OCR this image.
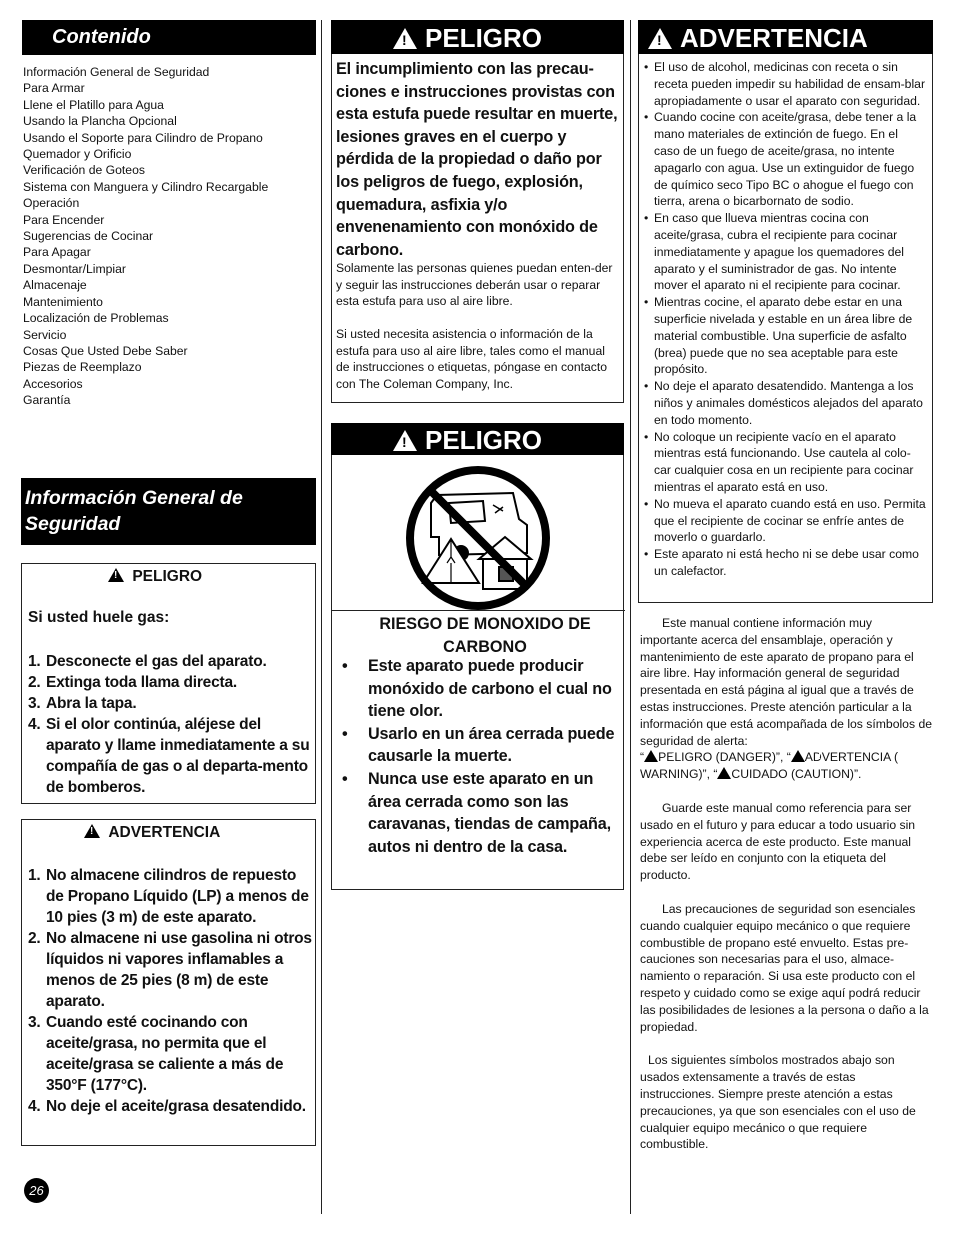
Contenido
Información General de Seguridad
Para Armar
Llene el Platillo para Agua
Usando la Plancha Opcional
Usando el Soporte para Cilindro de Propano
Quemador y Orificio
Verificación de Goteos
Sistema con Manguera y Cilindro Recargable
Operación
Para Encender
Sugerencias de Cocinar
Para Apagar
Desmontar/Limpiar
Almacenaje
Mantenimiento
Localización de Problemas
Servicio
Cosas Que Usted Debe Saber
Piezas de Reemplazo
Accesorios
Garantía
Información General de
Seguridad
! PELIGRO
Si usted huele gas:
1. Desconecte el gas del aparato.
2. Extinga toda llama directa.
3. Abra la tapa.
4. Si el olor continúa, aléjese del aparato y llame inmediatamente a su compañía de gas o al departa-mento de bomberos.
! ADVERTENCIA
1. No almacene cilindros de repuesto de Propano Líquido (LP) a menos de 10 pies (3 m) de este aparato.
2. No almacene ni use gasolina ni otros líquidos ni vapores inflamables a menos de 25 pies (8 m) de este aparato.
3. Cuando esté cocinando con aceite/grasa, no permita que el aceite/grasa se caliente a más de 350°F (177°C).
4. No deje el aceite/grasa desatendido.
26
!PELIGRO

El incumplimiento con las precau-ciones e instrucciones provistas con esta estufa puede resultar en muerte, lesiones graves en el cuerpo y pérdida de la propiedad o daño por los peligros de fuego, explosión, quemadura, asfixia y/o envenenamiento con monóxido de carbono.

Solamente las personas quienes puedan enten-der y seguir las instrucciones deberán usar o reparar esta estufa para uso al aire libre.

Si usted necesita asistencia o información de la estufa para uso al aire libre, tales como el manual de instrucciones o etiquetas, póngase en contacto con The Coleman Company, Inc.

!PELIGRO
RIESGO DE MONOXIDO DE
CARBONO
• Este aparato puede producir monóxido de carbono el cual no tiene olor.
• Usarlo en un área cerrada puede causarle la muerte.
• Nunca use este aparato en un área cerrada como son las caravanas, tiendas de campaña, autos ni dentro de la casa.
!ADVERTENCIA
• El uso de alcohol, medicinas con receta o sin receta pueden impedir su habilidad de ensam-blar apropiadamente o usar el aparato con seguridad.
• Cuando cocine con aceite/grasa, debe tener a la mano materiales de extinción de fuego. En el caso de un fuego de aceite/grasa, no intente apagarlo con agua. Use un extinguidor de fuego de químico seco Tipo BC o ahogue el fuego con tierra, arena o bicarbornato de sodio.
• En caso que llueva mientras cocina con aceite/grasa, cubra el recipiente para cocinar inmediatamente y apague los quemadores del aparato y el suministrador de gas. No intente mover el aparato ni el recipiente para cocinar.
• Mientras cocine, el aparato debe estar en una superficie nivelada y estable en un área libre de material combustible. Una superficie de asfalto (brea) puede que no sea aceptable para este propósito.
• No deje el aparato desatendido. Mantenga a los niños y animales domésticos alejados del aparato en todo momento.
• No coloque un recipiente vacío en el aparato mientras está funcionando. Use cautela al colo-car cualquier cosa en un recipiente para cocinar mientras el aparato está en uso.
• No mueva el aparato cuando está en uso. Permita que el recipiente de cocinar se enfríe antes de moverlo o guardarlo.
• Este aparato ni está hecho ni se debe usar como un calefactor.

Este manual contiene información muy importante acerca del ensamblaje, operación y mantenimiento de este aparato de propano para el aire libre. Hay información general de seguridad presentada en está página al igual que a través de estas instrucciones. Preste atención particular a la información que está acompañada de los símbolos de seguridad de alerta:
“ ! PELIGRO (DANGER)”, “ ! ADVERTENCIA ( WARNING)”, “ ! CUIDADO (CAUTION)”.

Guarde este manual como referencia para ser usado en el futuro y para educar a todo usuario sin experiencia acerca de este producto. Este manual debe ser leído en conjunto con la etiqueta del producto.

Las precauciones de seguridad son esenciales cuando cualquier equipo mecánico o que requiere combustible de propano esté envuelto. Estas pre-cauciones son necesarias para el uso, almace-namiento o reparación. Si usa este producto con el respeto y cuidado como se exige aquí podrá reducir las posibilidades de lesiones a la persona o daño a la propiedad.

Los siguientes símbolos mostrados abajo son usados extensamente a través de estas instrucciones. Siempre preste atención a estas precauciones, ya que son esenciales con el uso de cualquier equipo mecánico o que requiere combustible.
